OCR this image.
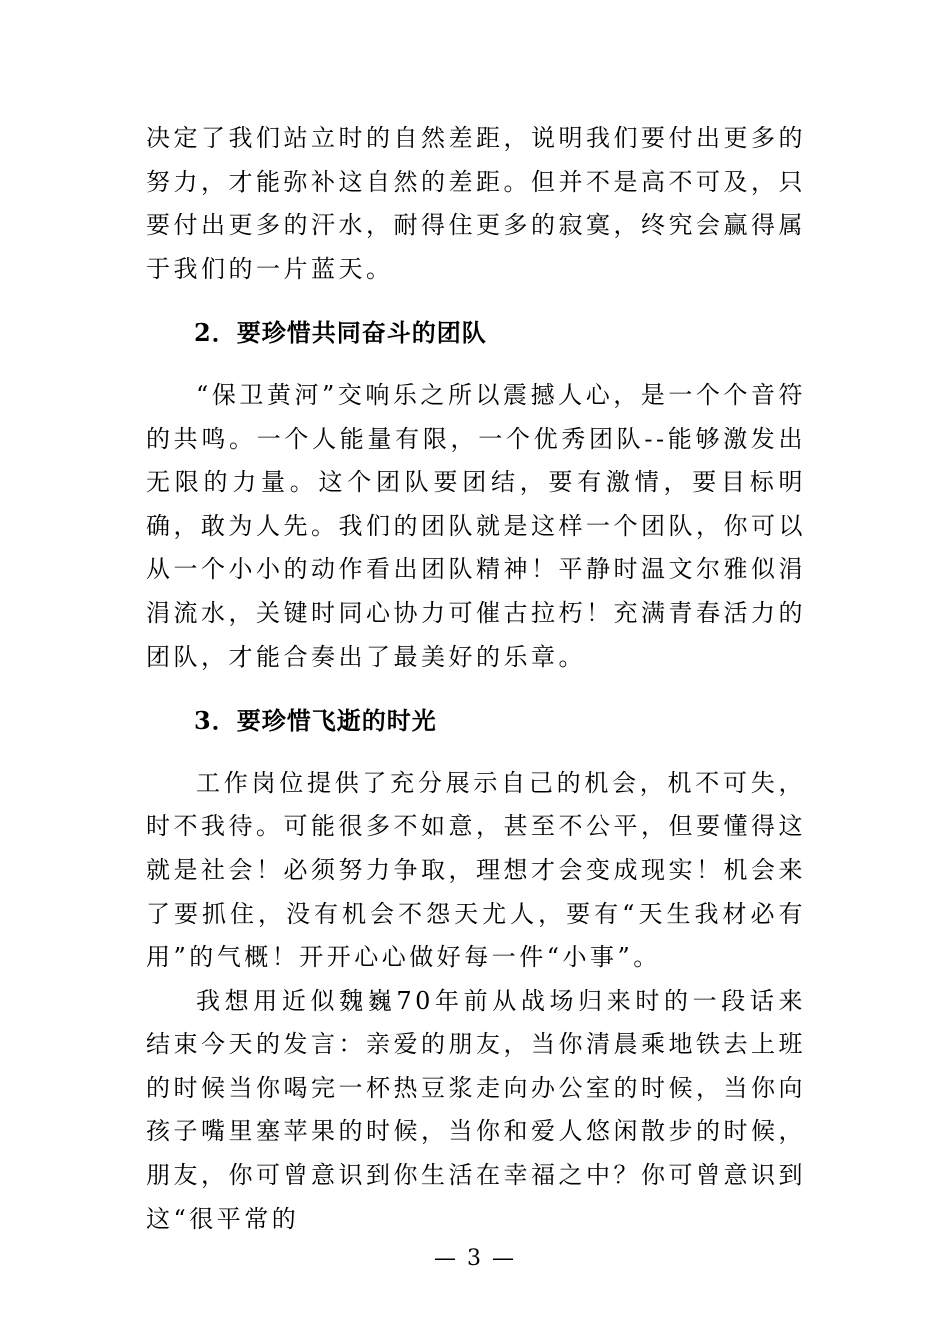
决定了我们站立时的自然差距，说明我们要付出更多的努力，才能弥补这自然的差距。但并不是高不可及，只要付出更多的汗水，耐得住更多的寂寞，终究会赢得属于我们的一片蓝天。

2．要珍惜共同奋斗的团队

“保卫黄河”交响乐之所以震撼人心，是一个个音符的共鸣。一个人能量有限，一个优秀团队--能够激发出无限的力量。这个团队要团结，要有激情，要目标明确，敢为人先。我们的团队就是这样一个团队，你可以从一个小小的动作看出团队精神！平静时温文尔雅似涓涓流水，关键时同心协力可催古拉朽！充满青春活力的团队，才能合奏出了最美好的乐章。

3．要珍惜飞逝的时光

工作岗位提供了充分展示自己的机会，机不可失，时不我待。可能很多不如意，甚至不公平，但要懂得这就是社会！必须努力争取，理想才会变成现实！机会来了要抓住，没有机会不怨天尤人，要有“天生我材必有用”的气概！开开心心做好每一件“小事”。

我想用近似魏巍70年前从战场归来时的一段话来结束今天的发言：亲爱的朋友，当你清晨乘地铁去上班的时候当你喝完一杯热豆浆走向办公室的时候，当你向孩子嘴里塞苹果的时候，当你和爱人悠闲散步的时候，朋友，你可曾意识到你生活在幸福之中？你可曾意识到这“很平常的

— 3 —
